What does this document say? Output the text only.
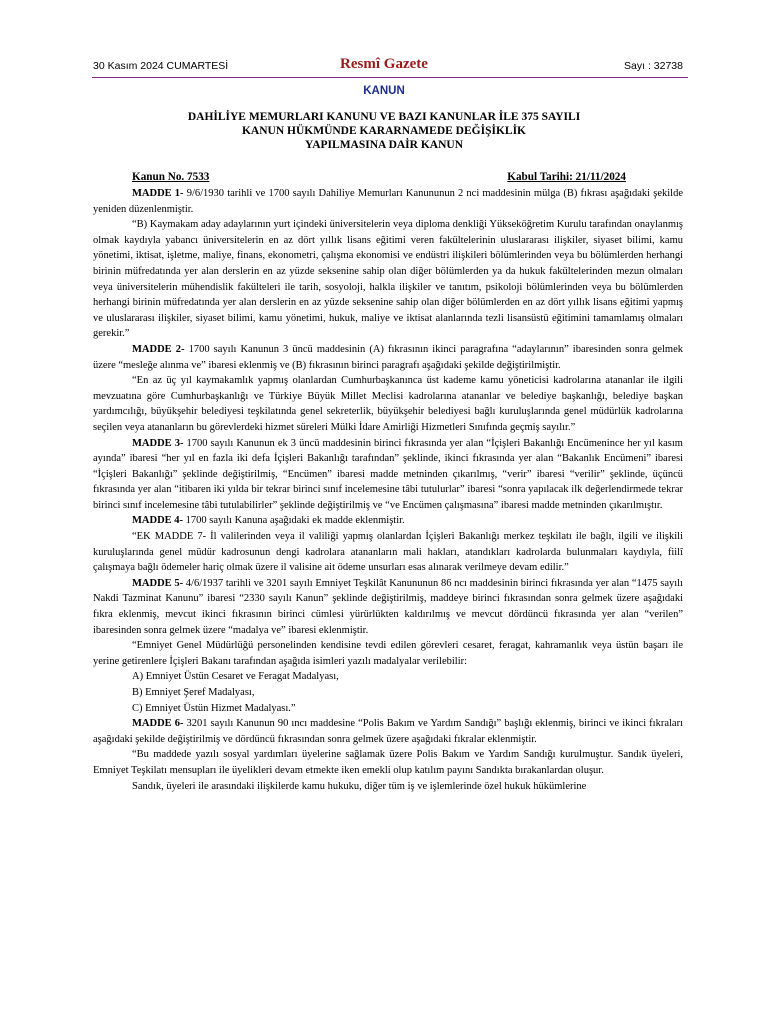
30 Kasım 2024 CUMARTESİ	Resmî Gazete	Sayı : 32738
KANUN
DAHİLİYE MEMURLARI KANUNU VE BAZI KANUNLAR İLE 375 SAYILI
KANUN HÜKMÜNDE KARARNAMEDE DEĞİŞİKLİK
YAPILMASINA DAİR KANUN
Kanun No. 7533	Kabul Tarihi: 21/11/2024

MADDE 1- 9/6/1930 tarihli ve 1700 sayılı Dahiliye Memurları Kanununun 2 nci maddesinin mülga (B) fıkrası aşağıdaki şekilde yeniden düzenlenmiştir.

“B) Kaymakam aday adaylarının yurt içindeki üniversitelerin veya diploma denkliği Yükseköğretim Kurulu tarafından onaylanmış olmak kaydıyla yabancı üniversitelerin en az dört yıllık lisans eğitimi veren fakültelerinin uluslararası ilişkiler, siyaset bilimi, kamu yönetimi, iktisat, işletme, maliye, finans, ekonometri, çalışma ekonomisi ve endüstri ilişkileri bölümlerinden veya bu bölümlerden herhangi birinin müfredatında yer alan derslerin en az yüzde seksenine sahip olan diğer bölümlerden ya da hukuk fakültelerinden mezun olmaları veya üniversitelerin mühendislik fakülteleri ile tarih, sosyoloji, halkla ilişkiler ve tanıtım, psikoloji bölümlerinden veya bu bölümlerden herhangi birinin müfredatında yer alan derslerin en az yüzde seksenine sahip olan diğer bölümlerden en az dört yıllık lisans eğitimi yapmış ve uluslararası ilişkiler, siyaset bilimi, kamu yönetimi, hukuk, maliye ve iktisat alanlarında tezli lisansüstü eğitimini tamamlamış olmaları gerekir.”

MADDE 2- 1700 sayılı Kanunun 3 üncü maddesinin (A) fıkrasının ikinci paragrafına “adaylarının” ibaresinden sonra gelmek üzere “mesleğe alınma ve” ibaresi eklenmiş ve (B) fıkrasının birinci paragrafı aşağıdaki şekilde değiştirilmiştir.

“En az üç yıl kaymakamlık yapmış olanlardan Cumhurbaşkanınca üst kademe kamu yöneticisi kadrolarına atananlar ile ilgili mevzuatına göre Cumhurbaşkanlığı ve Türkiye Büyük Millet Meclisi kadrolarına atananlar ve belediye başkanlığı, belediye başkan yardımcılığı, büyükşehir belediyesi teşkilatında genel sekreterlik, büyükşehir belediyesi bağlı kuruluşlarında genel müdürlük kadrolarına seçilen veya atananların bu görevlerdeki hizmet süreleri Mülki İdare Amirliği Hizmetleri Sınıfında geçmiş sayılır.”

MADDE 3- 1700 sayılı Kanunun ek 3 üncü maddesinin birinci fıkrasında yer alan “İçişleri Bakanlığı Encümenince her yıl kasım ayında” ibaresi “her yıl en fazla iki defa İçişleri Bakanlığı tarafından” şeklinde, ikinci fıkrasında yer alan “Bakanlık Encümeni” ibaresi “İçişleri Bakanlığı” şeklinde değiştirilmiş, “Encümen” ibaresi madde metninden çıkarılmış, “verir” ibaresi “verilir” şeklinde, üçüncü fıkrasında yer alan “itibaren iki yılda bir tekrar birinci sınıf incelemesine tâbi tutulurlar” ibaresi “sonra yapılacak ilk değerlendirmede tekrar birinci sınıf incelemesine tâbi tutulabilirler” şeklinde değiştirilmiş ve “ve Encümen çalışmasına” ibaresi madde metninden çıkarılmıştır.

MADDE 4- 1700 sayılı Kanuna aşağıdaki ek madde eklenmiştir.

“EK MADDE 7- İl valilerinden veya il valiliği yapmış olanlardan İçişleri Bakanlığı merkez teşkilatı ile bağlı, ilgili ve ilişkili kuruluşlarında genel müdür kadrosunun dengi kadrolara atananların mali hakları, atandıkları kadrolarda bulunmaları kaydıyla, fiilî çalışmaya bağlı ödemeler hariç olmak üzere il valisine ait ödeme unsurları esas alınarak verilmeye devam edilir.”

MADDE 5- 4/6/1937 tarihli ve 3201 sayılı Emniyet Teşkilât Kanununun 86 ncı maddesinin birinci fıkrasında yer alan “1475 sayılı Nakdi Tazminat Kanunu” ibaresi “2330 sayılı Kanun” şeklinde değiştirilmiş, maddeye birinci fıkrasından sonra gelmek üzere aşağıdaki fıkra eklenmiş, mevcut ikinci fıkrasının birinci cümlesi yürürlükten kaldırılmış ve mevcut dördüncü fıkrasında yer alan “verilen” ibaresinden sonra gelmek üzere “madalya ve” ibaresi eklenmiştir.

“Emniyet Genel Müdürlüğü personelinden kendisine tevdi edilen görevleri cesaret, feragat, kahramanlık veya üstün başarı ile yerine getirenlere İçişleri Bakanı tarafından aşağıda isimleri yazılı madalyalar verilebilir:

A) Emniyet Üstün Cesaret ve Feragat Madalyası,

B) Emniyet Şeref Madalyası,

C) Emniyet Üstün Hizmet Madalyası.”

MADDE 6- 3201 sayılı Kanunun 90 ıncı maddesine “Polis Bakım ve Yardım Sandığı” başlığı eklenmiş, birinci ve ikinci fıkraları aşağıdaki şekilde değiştirilmiş ve dördüncü fıkrasından sonra gelmek üzere aşağıdaki fıkralar eklenmiştir.

“Bu maddede yazılı sosyal yardımları üyelerine sağlamak üzere Polis Bakım ve Yardım Sandığı kurulmuştur. Sandık üyeleri, Emniyet Teşkilatı mensupları ile üyelikleri devam etmekte iken emekli olup katılım payını Sandıkta bırakanlardan oluşur.

Sandık, üyeleri ile arasındaki ilişkilerde kamu hukuku, diğer tüm iş ve işlemlerinde özel hukuk hükümlerine
